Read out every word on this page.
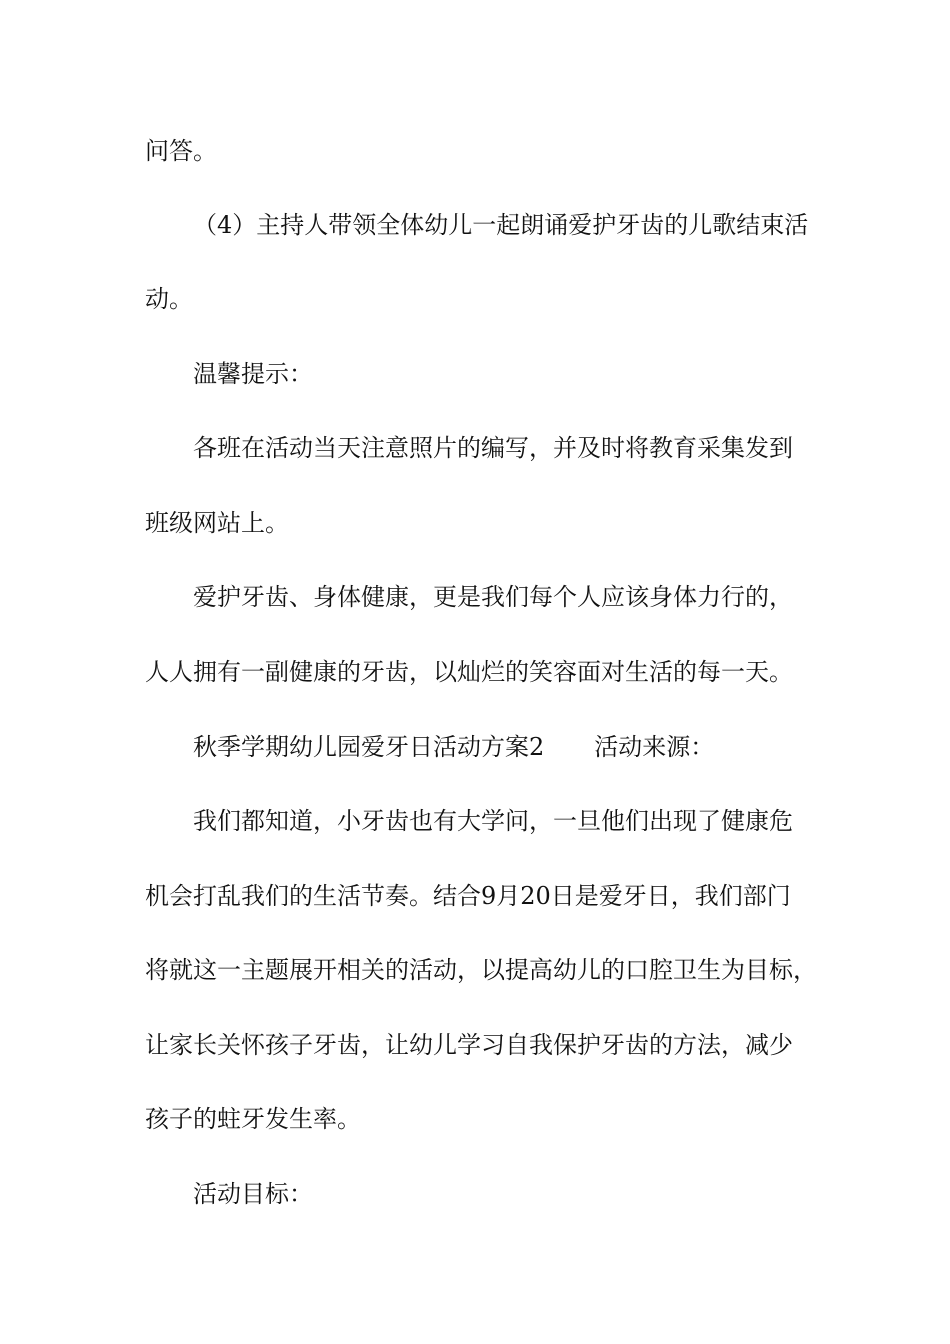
问答。
（4）主持人带领全体幼儿一起朗诵爱护牙齿的儿歌结束活
动。
温馨提示：
各班在活动当天注意照片的编写，并及时将教育采集发到
班级网站上。
爱护牙齿、身体健康，更是我们每个人应该身体力行的，
人人拥有一副健康的牙齿，以灿烂的笑容面对生活的每一天。
秋季学期幼儿园爱牙日活动方案2 活动来源：
我们都知道，小牙齿也有大学问，一旦他们出现了健康危
机会打乱我们的生活节奏。结合9月20日是爱牙日，我们部门
将就这一主题展开相关的活动，以提高幼儿的口腔卫生为目标，
让家长关怀孩子牙齿，让幼儿学习自我保护牙齿的方法，减少
孩子的蛀牙发生率。
活动目标：
